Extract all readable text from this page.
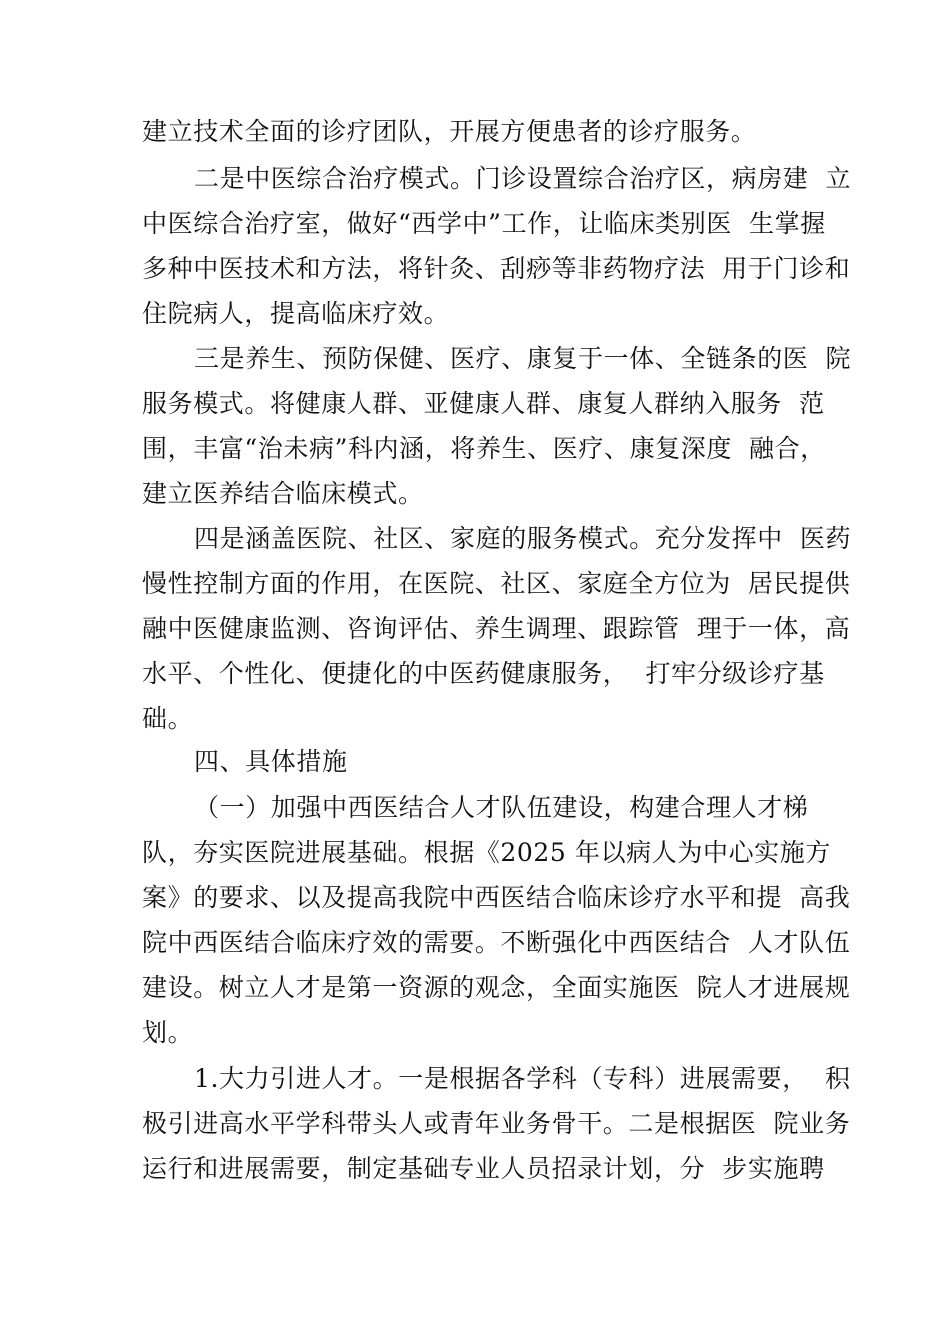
建立技术全面的诊疗团队，开展方便患者的诊疗服务。
二是中医综合治疗模式。门诊设置综合治疗区，病房建  立
中医综合治疗室，做好“西学中”工作，让临床类别医  生掌握
多种中医技术和方法，将针灸、刮痧等非药物疗法  用于门诊和
住院病人，提高临床疗效。
三是养生、预防保健、医疗、康复于一体、全链条的医  院
服务模式。将健康人群、亚健康人群、康复人群纳入服务  范
围，丰富“治未病”科内涵，将养生、医疗、康复深度  融合，
建立医养结合临床模式。
四是涵盖医院、社区、家庭的服务模式。充分发挥中  医药
慢性控制方面的作用，在医院、社区、家庭全方位为  居民提供
融中医健康监测、咨询评估、养生调理、跟踪管  理于一体，高
水平、个性化、便捷化的中医药健康服务，  打牢分级诊疗基
础。
四、具体措施
（一）加强中西医结合人才队伍建设，构建合理人才梯
队，夯实医院进展基础。根据《2025 年以病人为中心实施方
案》的要求、以及提高我院中西医结合临床诊疗水平和提  高我
院中西医结合临床疗效的需要。不断强化中西医结合  人才队伍
建设。树立人才是第一资源的观念，全面实施医  院人才进展规
划。
1.大力引进人才。一是根据各学科（专科）进展需要，  积
极引进高水平学科带头人或青年业务骨干。二是根据医  院业务
运行和进展需要，制定基础专业人员招录计划，分  步实施聘
